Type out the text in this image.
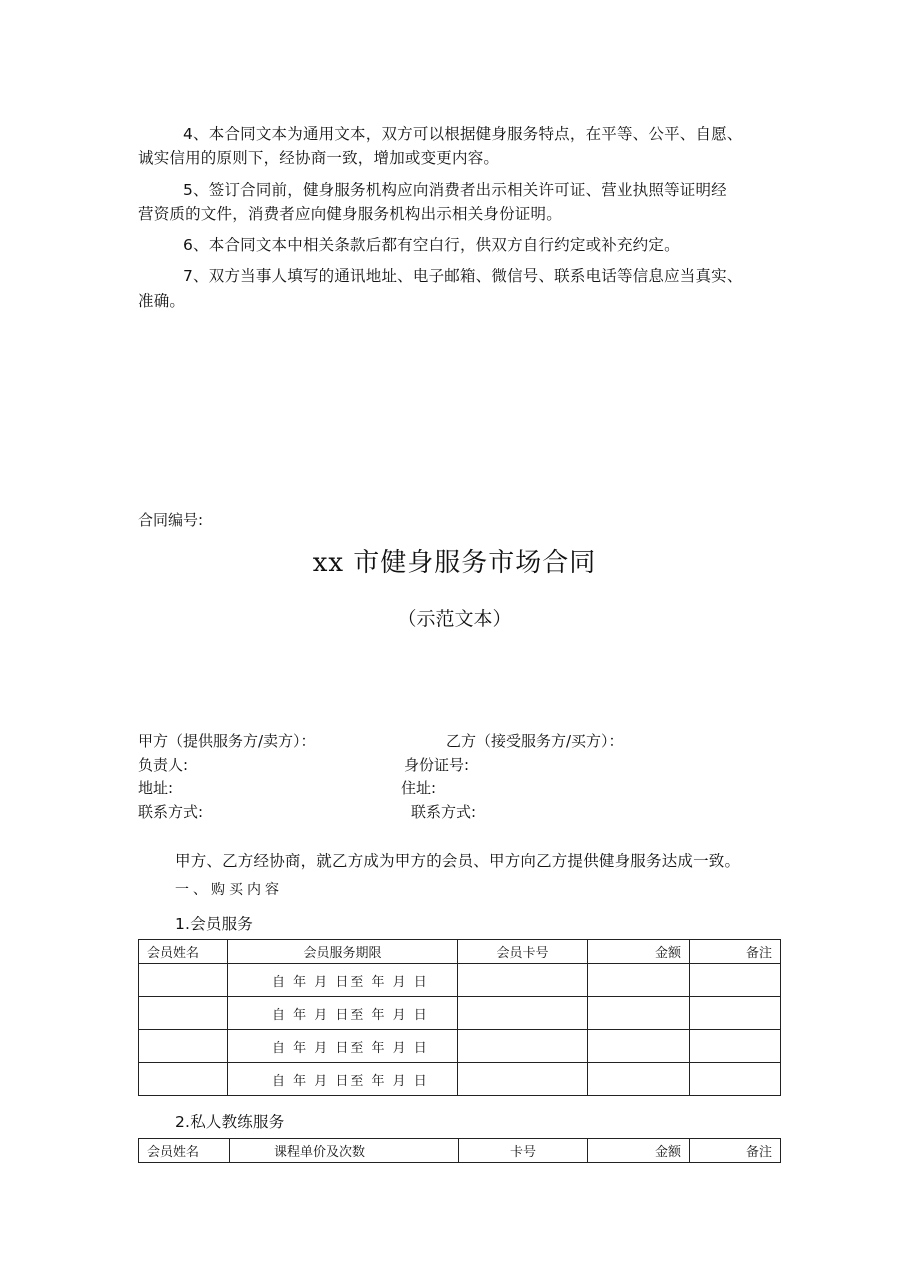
4、本合同文本为通用文本，双方可以根据健身服务特点，在平等、公平、自愿、
诚实信用的原则下，经协商一致，增加或变更内容。
5、签订合同前，健身服务机构应向消费者出示相关许可证、营业执照等证明经
营资质的文件，消费者应向健身服务机构出示相关身份证明。
6、本合同文本中相关条款后都有空白行，供双方自行约定或补充约定。
7、双方当事人填写的通讯地址、电子邮箱、微信号、联系电话等信息应当真实、
准确。
合同编号:
xx 市健身服务市场合同
（示范文本）
甲方（提供服务方/卖方）：	乙方（接受服务方/买方）：
负责人:	身份证号:
地址:	住址:
联系方式:	联系方式:
甲方、乙方经协商，就乙方成为甲方的会员、甲方向乙方提供健身服务达成一致。
一、购买内容
1.会员服务
会员姓名	会员服务期限	会员卡号	金额	备注
	自 年 月 日至 年 月 日			
	自 年 月 日至 年 月 日			
	自 年 月 日至 年 月 日			
	自 年 月 日至 年 月 日			
2.私人教练服务
会员姓名	课程单价及次数	卡号	金额	备注
